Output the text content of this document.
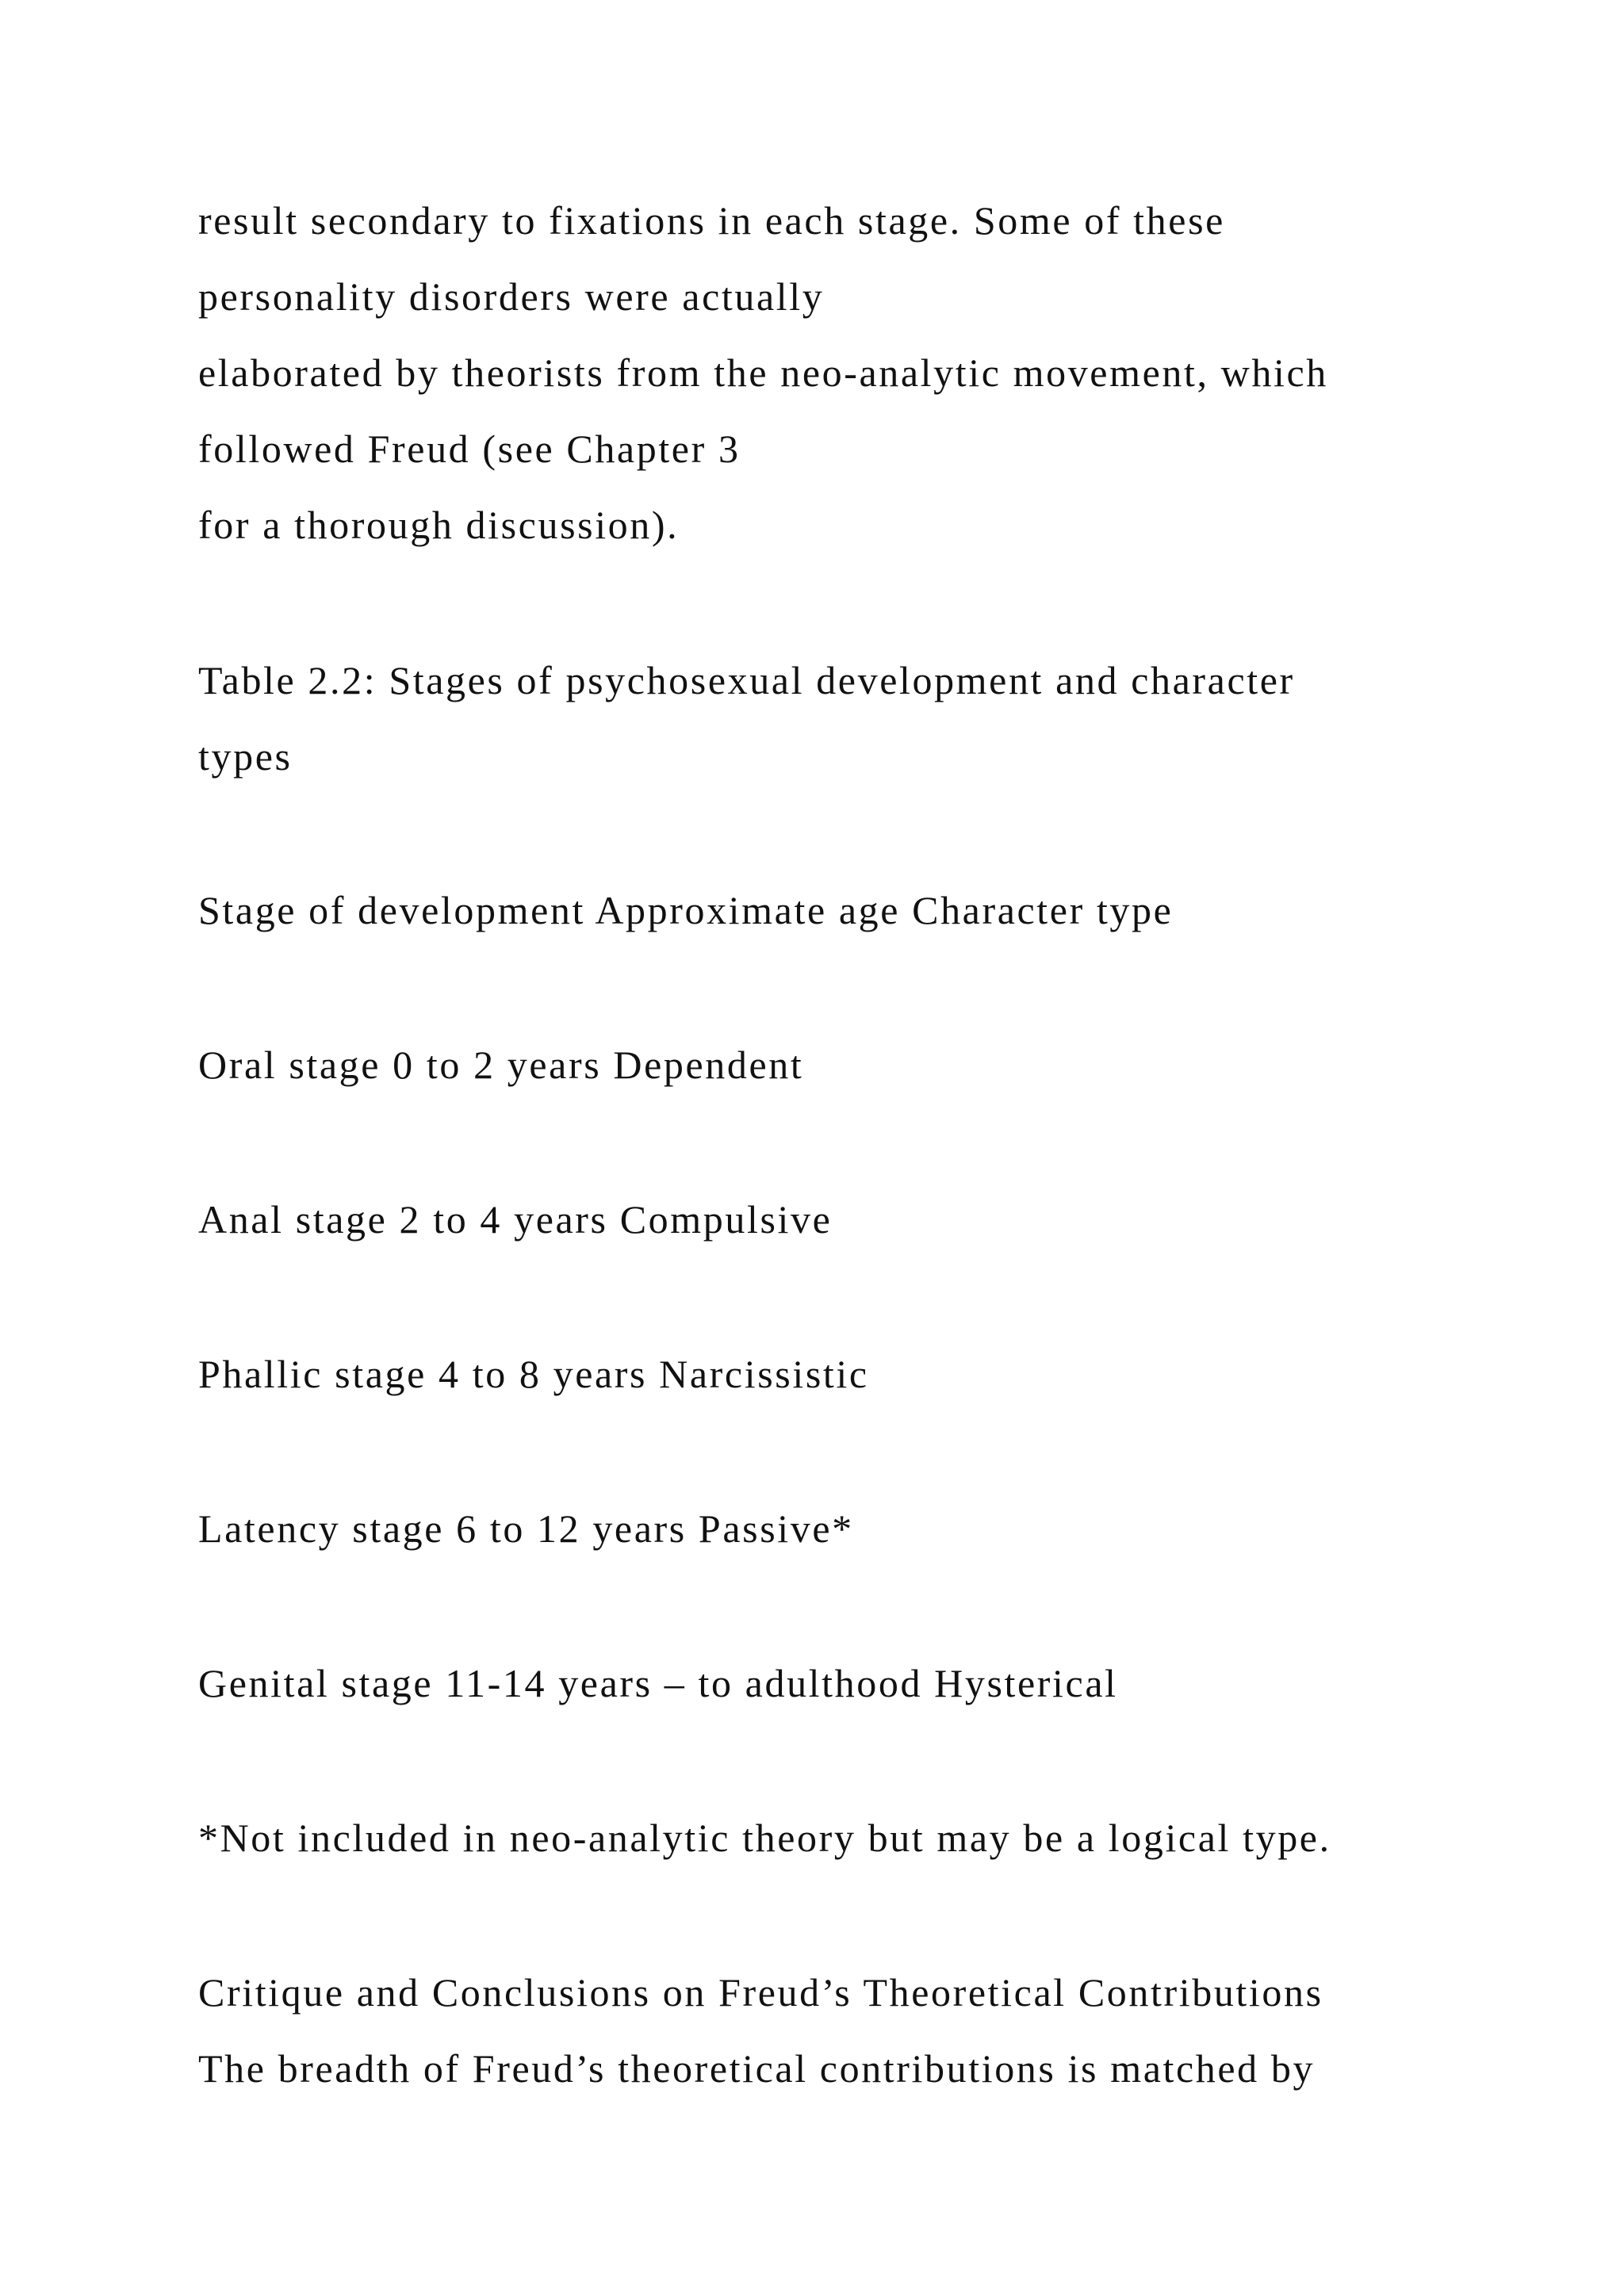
result secondary to fixations in each stage. Some of these
personality disorders were actually
elaborated by theorists from the neo-analytic movement, which
followed Freud (see Chapter 3
for a thorough discussion).
Table 2.2: Stages of psychosexual development and character
types
Stage of development Approximate age Character type
Oral stage 0 to 2 years Dependent
Anal stage 2 to 4 years Compulsive
Phallic stage 4 to 8 years Narcissistic
Latency stage 6 to 12 years Passive*
Genital stage 11-14 years – to adulthood Hysterical
*Not included in neo-analytic theory but may be a logical type.
Critique and Conclusions on Freud’s Theoretical Contributions
The breadth of Freud’s theoretical contributions is matched by
